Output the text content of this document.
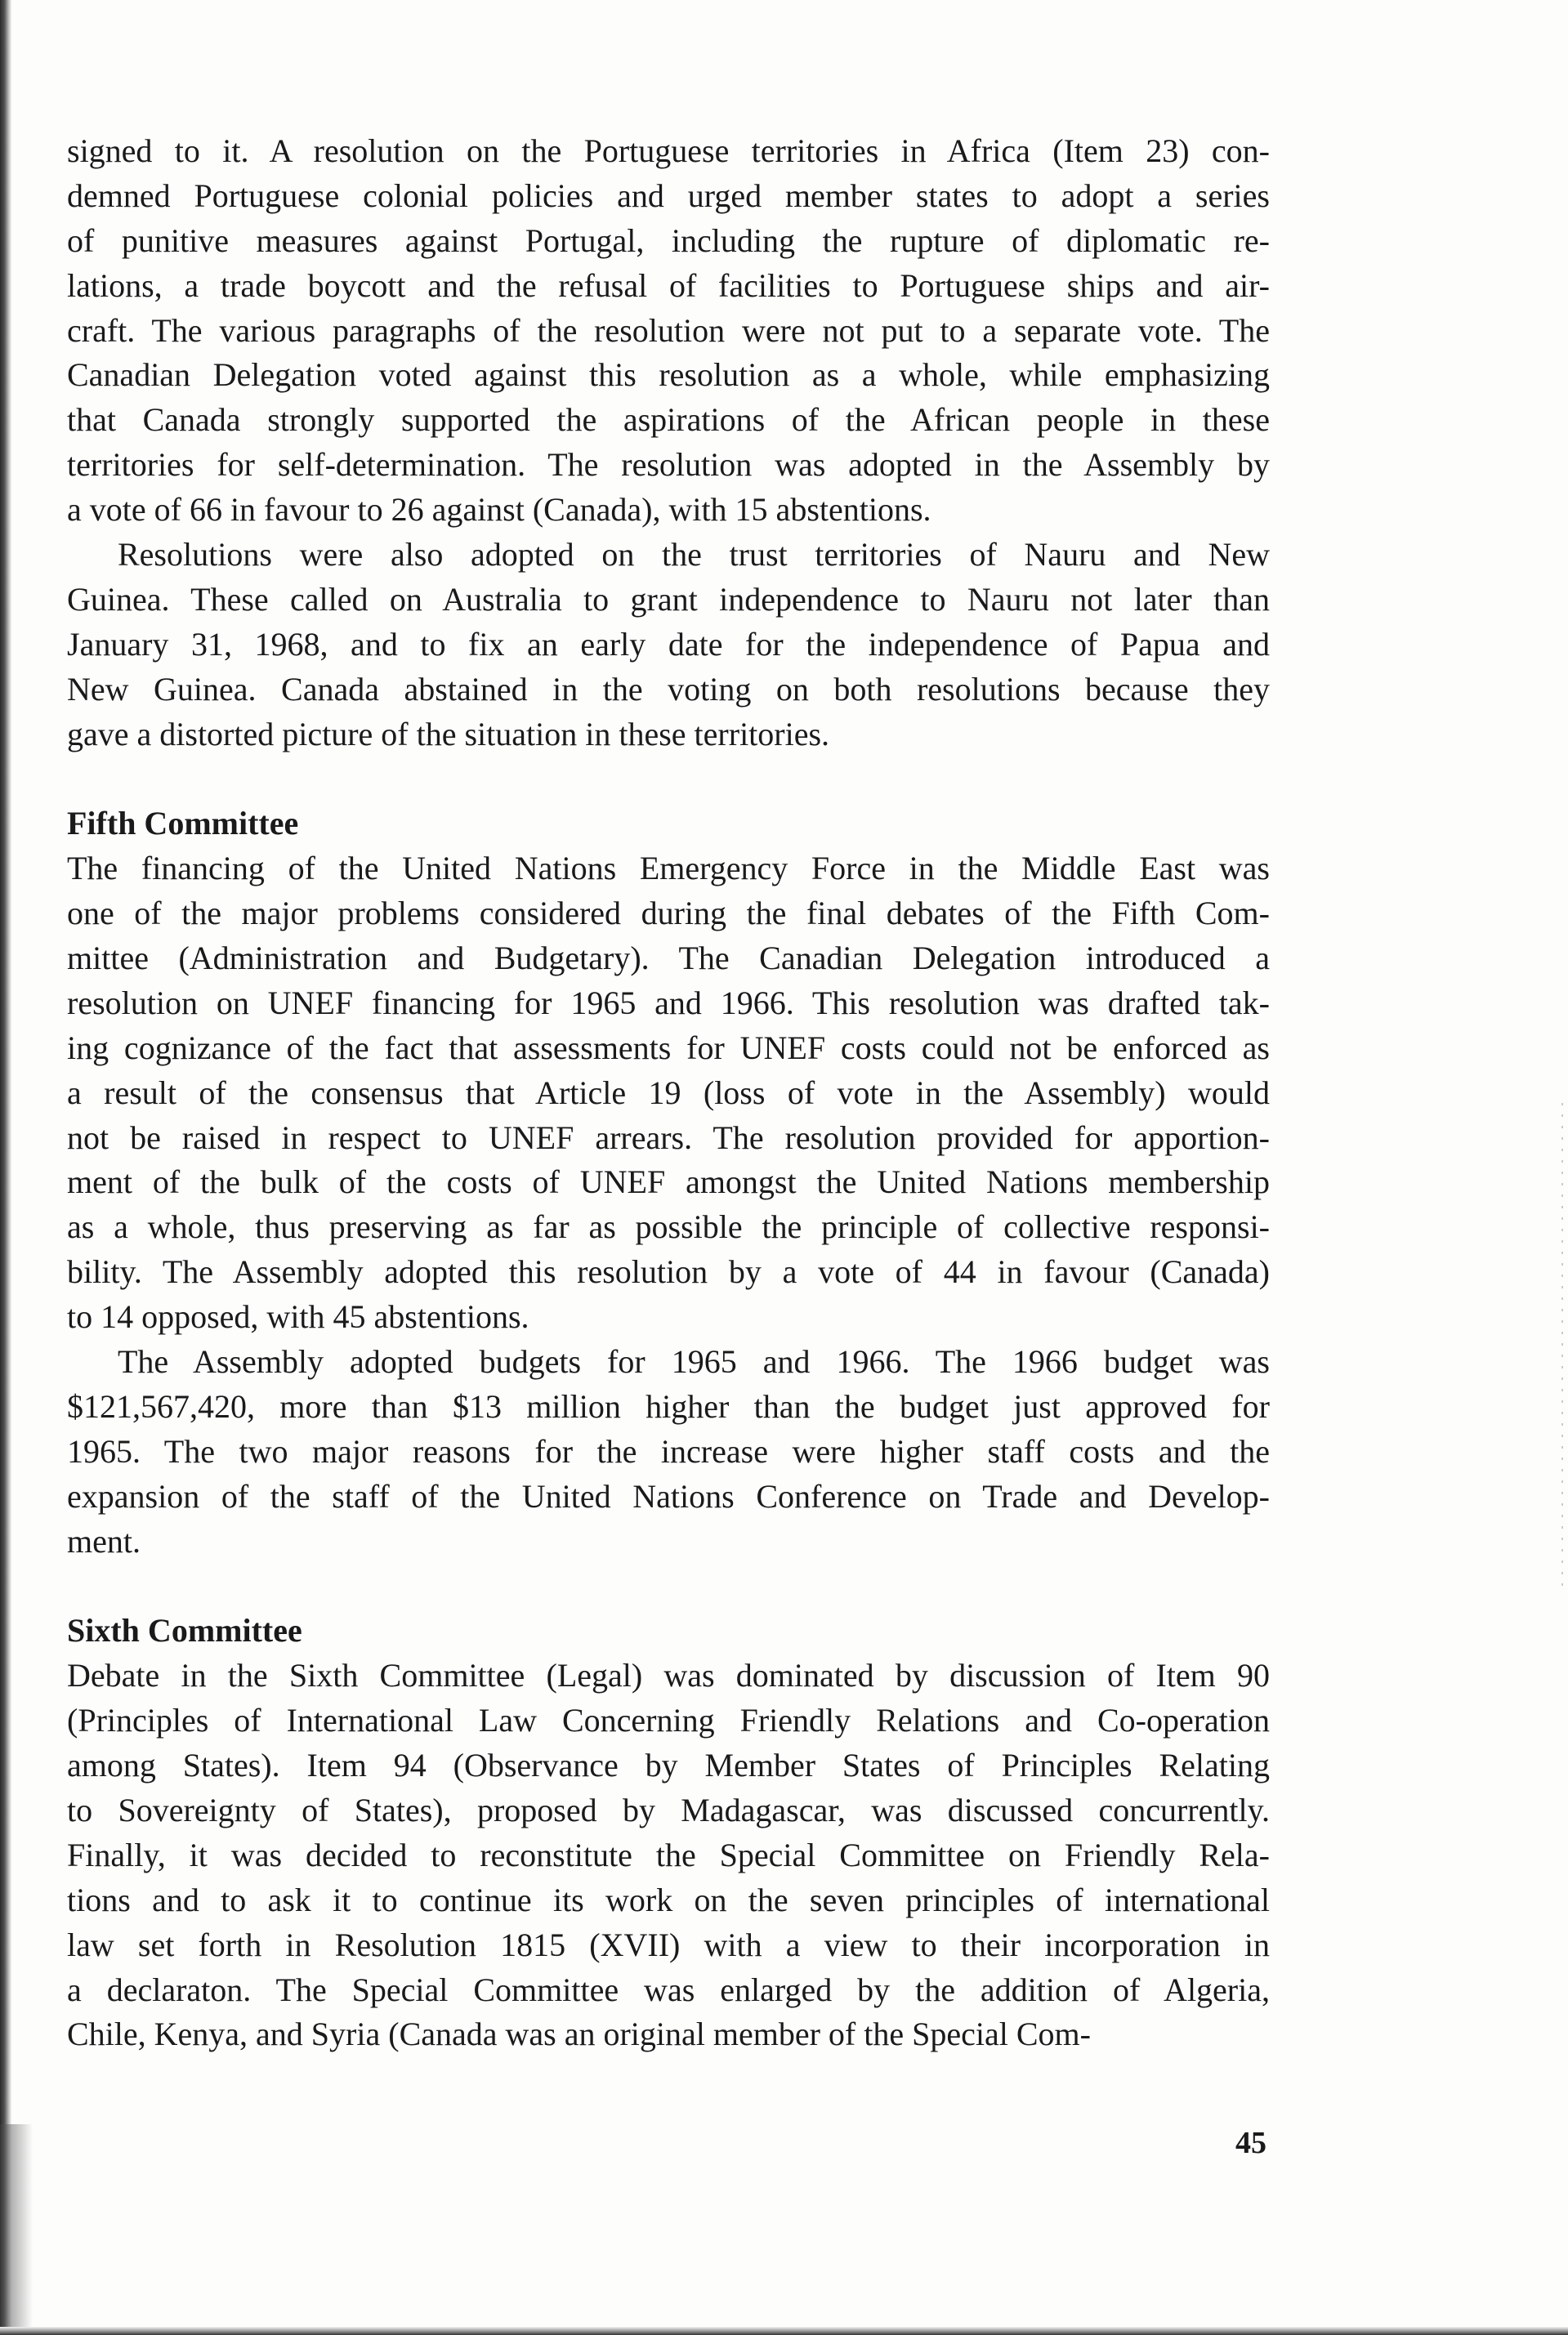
signed to it. A resolution on the Portuguese territories in Africa (Item 23) con-
demned Portuguese colonial policies and urged member states to adopt a series
of punitive measures against Portugal, including the rupture of diplomatic re-
lations, a trade boycott and the refusal of facilities to Portuguese ships and air-
craft. The various paragraphs of the resolution were not put to a separate vote. The
Canadian Delegation voted against this resolution as a whole, while emphasizing
that Canada strongly supported the aspirations of the African people in these
territories for self-determination. The resolution was adopted in the Assembly by
a vote of 66 in favour to 26 against (Canada), with 15 abstentions.
Resolutions were also adopted on the trust territories of Nauru and New
Guinea. These called on Australia to grant independence to Nauru not later than
January 31, 1968, and to fix an early date for the independence of Papua and
New Guinea. Canada abstained in the voting on both resolutions because they
gave a distorted picture of the situation in these territories.
Fifth Committee
The financing of the United Nations Emergency Force in the Middle East was
one of the major problems considered during the final debates of the Fifth Com-
mittee (Administration and Budgetary). The Canadian Delegation introduced a
resolution on UNEF financing for 1965 and 1966. This resolution was drafted tak-
ing cognizance of the fact that assessments for UNEF costs could not be enforced as
a result of the consensus that Article 19 (loss of vote in the Assembly) would
not be raised in respect to UNEF arrears. The resolution provided for apportion-
ment of the bulk of the costs of UNEF amongst the United Nations membership
as a whole, thus preserving as far as possible the principle of collective responsi-
bility. The Assembly adopted this resolution by a vote of 44 in favour (Canada)
to 14 opposed, with 45 abstentions.
The Assembly adopted budgets for 1965 and 1966. The 1966 budget was
$121,567,420, more than $13 million higher than the budget just approved for
1965. The two major reasons for the increase were higher staff costs and the
expansion of the staff of the United Nations Conference on Trade and Develop-
ment.
Sixth Committee
Debate in the Sixth Committee (Legal) was dominated by discussion of Item 90
(Principles of International Law Concerning Friendly Relations and Co-operation
among States). Item 94 (Observance by Member States of Principles Relating
to Sovereignty of States), proposed by Madagascar, was discussed concurrently.
Finally, it was decided to reconstitute the Special Committee on Friendly Rela-
tions and to ask it to continue its work on the seven principles of international
law set forth in Resolution 1815 (XVII) with a view to their incorporation in
a declaraton. The Special Committee was enlarged by the addition of Algeria,
Chile, Kenya, and Syria (Canada was an original member of the Special Com-
45
